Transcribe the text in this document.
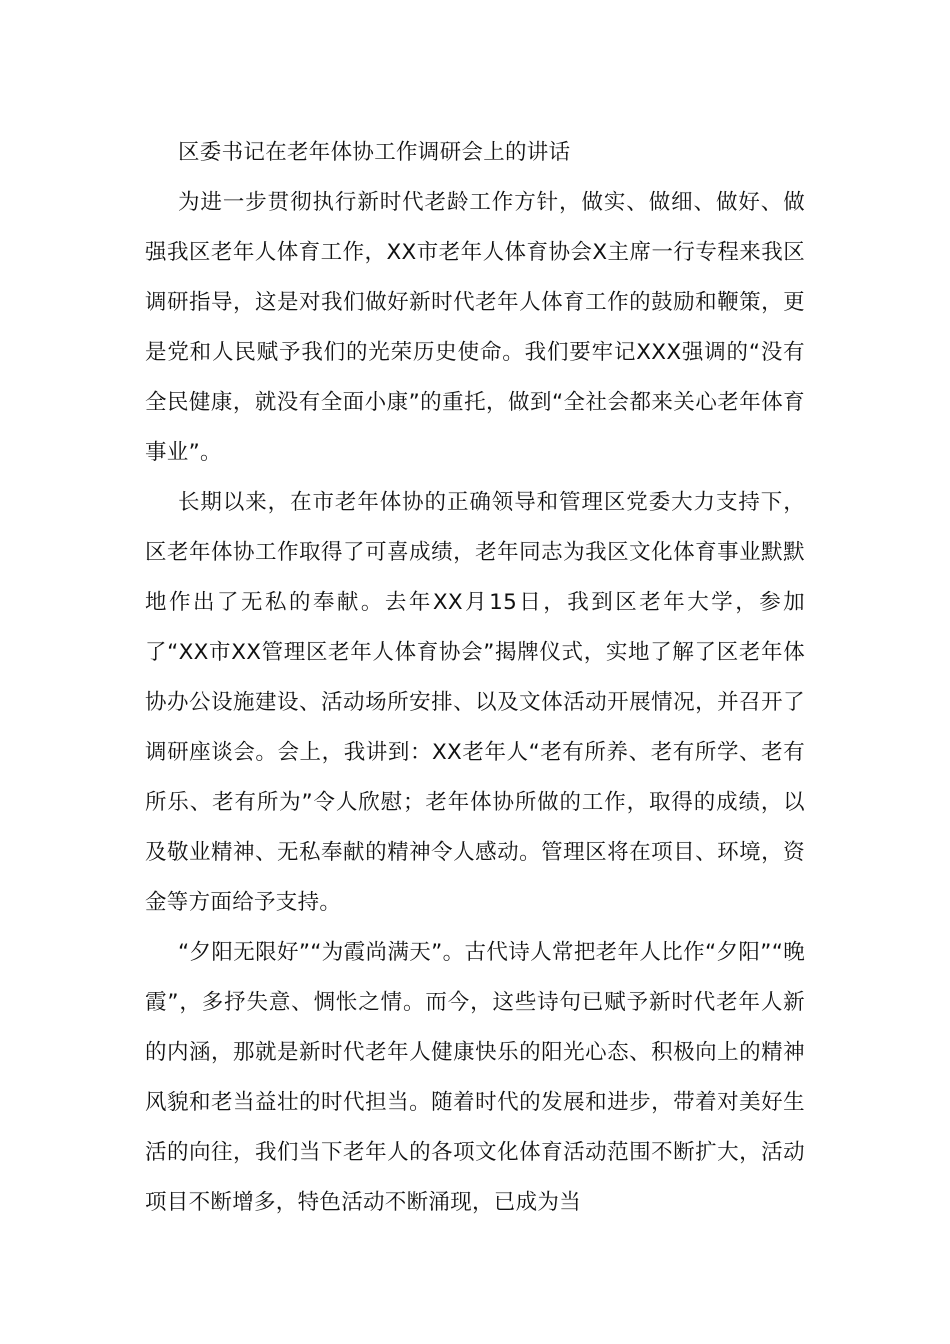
区委书记在老年体协工作调研会上的讲话

为进一步贯彻执行新时代老龄工作方针，做实、做细、做好、做强我区老年人体育工作，XX市老年人体育协会X主席一行专程来我区调研指导，这是对我们做好新时代老年人体育工作的鼓励和鞭策，更是党和人民赋予我们的光荣历史使命。我们要牢记XXX强调的“没有全民健康，就没有全面小康”的重托，做到“全社会都来关心老年体育事业”。

长期以来，在市老年体协的正确领导和管理区党委大力支持下，区老年体协工作取得了可喜成绩，老年同志为我区文化体育事业默默地作出了无私的奉献。去年XX月15日，我到区老年大学，参加了“XX市XX管理区老年人体育协会”揭牌仪式，实地了解了区老年体协办公设施建设、活动场所安排、以及文体活动开展情况，并召开了调研座谈会。会上，我讲到：XX老年人“老有所养、老有所学、老有所乐、老有所为”令人欣慰；老年体协所做的工作，取得的成绩，以及敬业精神、无私奉献的精神令人感动。管理区将在项目、环境，资金等方面给予支持。

“夕阳无限好”“为霞尚满天”。古代诗人常把老年人比作“夕阳”“晚霞”，多抒失意、惆怅之情。而今，这些诗句已赋予新时代老年人新的内涵，那就是新时代老年人健康快乐的阳光心态、积极向上的精神风貌和老当益壮的时代担当。随着时代的发展和进步，带着对美好生活的向往，我们当下老年人的各项文化体育活动范围不断扩大，活动项目不断增多，特色活动不断涌现，已成为当
